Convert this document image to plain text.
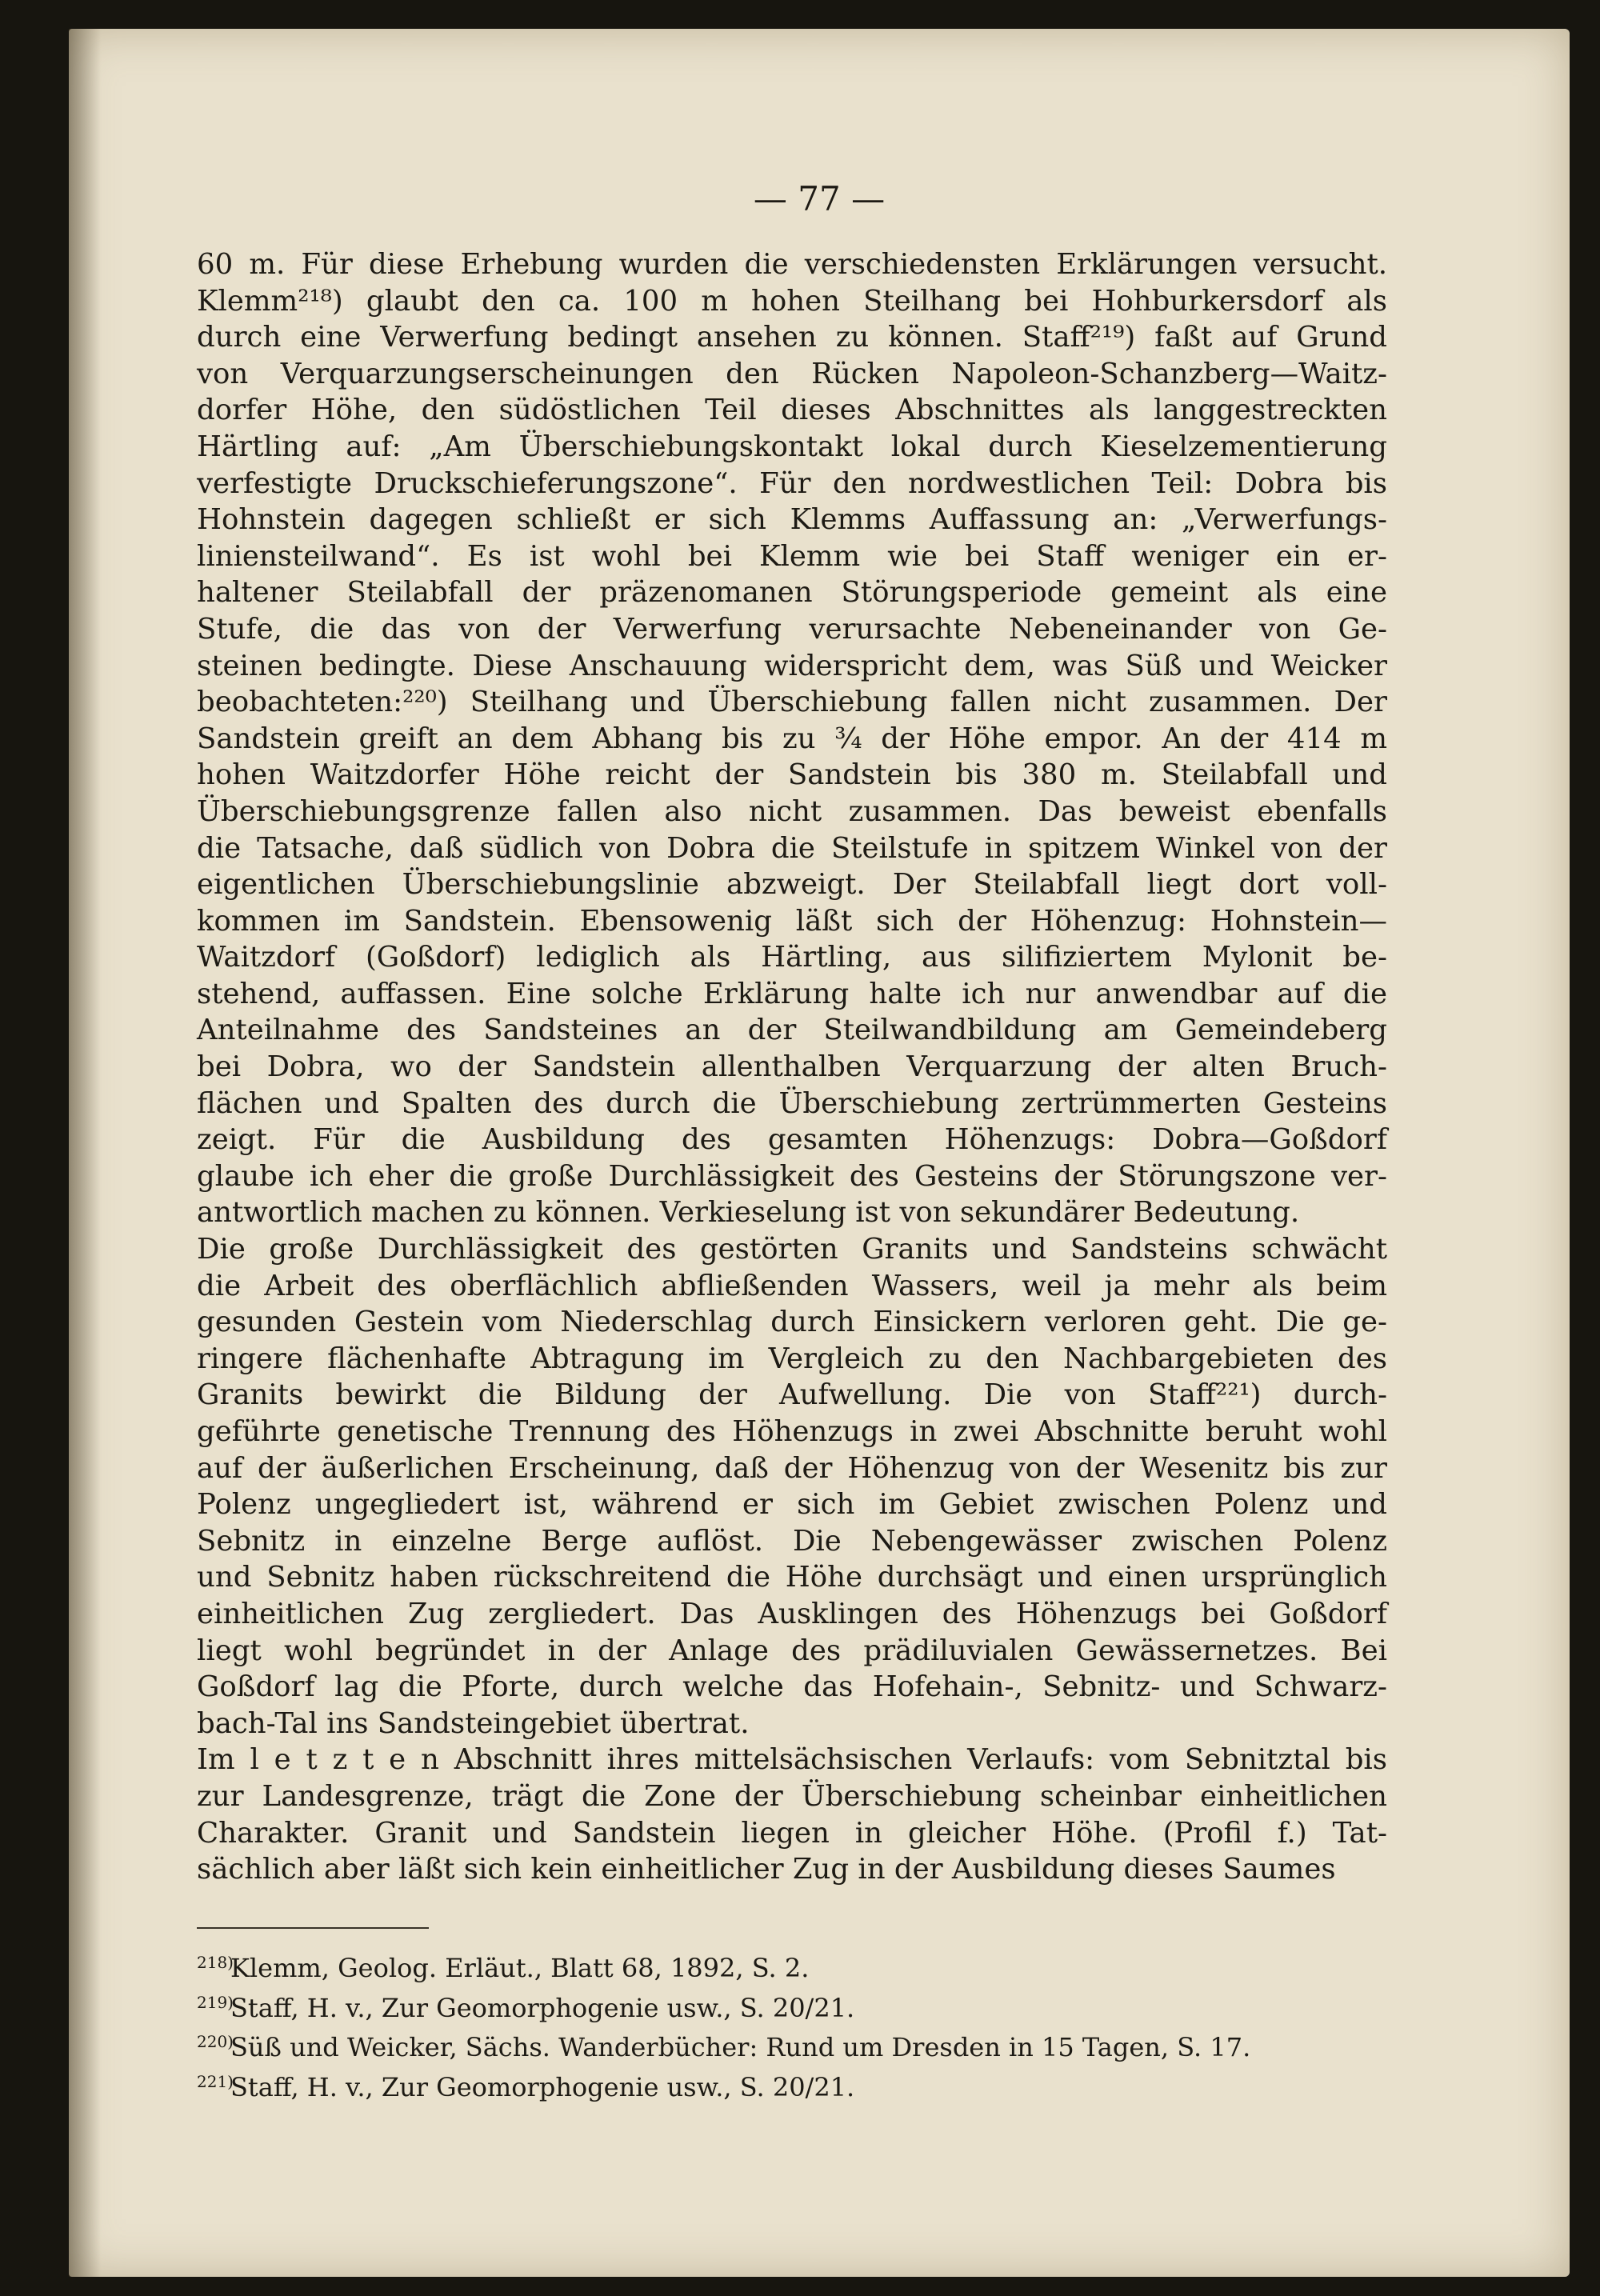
— 77 —
60 m. Für diese Erhebung wurden die verschiedensten Erklärungen versucht.
Klemm²¹⁸) glaubt den ca. 100 m hohen Steilhang bei Hohburkersdorf als
durch eine Verwerfung bedingt ansehen zu können. Staff²¹⁹) faßt auf Grund
von Verquarzungserscheinungen den Rücken Napoleon-Schanzberg—Waitz-
dorfer Höhe, den südöstlichen Teil dieses Abschnittes als langgestreckten
Härtling auf: „Am Überschiebungskontakt lokal durch Kieselzementierung
verfestigte Druckschieferungszone“. Für den nordwestlichen Teil: Dobra bis
Hohnstein dagegen schließt er sich Klemms Auffassung an: „Verwerfungs-
liniensteilwand“. Es ist wohl bei Klemm wie bei Staff weniger ein er-
haltener Steilabfall der präzenomanen Störungsperiode gemeint als eine
Stufe, die das von der Verwerfung verursachte Nebeneinander von Ge-
steinen bedingte. Diese Anschauung widerspricht dem, was Süß und Weicker
beobachteten:²²⁰) Steilhang und Überschiebung fallen nicht zusammen. Der
Sandstein greift an dem Abhang bis zu ¾ der Höhe empor. An der 414 m
hohen Waitzdorfer Höhe reicht der Sandstein bis 380 m. Steilabfall und
Überschiebungsgrenze fallen also nicht zusammen. Das beweist ebenfalls
die Tatsache, daß südlich von Dobra die Steilstufe in spitzem Winkel von der
eigentlichen Überschiebungslinie abzweigt. Der Steilabfall liegt dort voll-
kommen im Sandstein. Ebensowenig läßt sich der Höhenzug: Hohnstein—
Waitzdorf (Goßdorf) lediglich als Härtling, aus silifiziertem Mylonit be-
stehend, auffassen. Eine solche Erklärung halte ich nur anwendbar auf die
Anteilnahme des Sandsteines an der Steilwandbildung am Gemeindeberg
bei Dobra, wo der Sandstein allenthalben Verquarzung der alten Bruch-
flächen und Spalten des durch die Überschiebung zertrümmerten Gesteins
zeigt. Für die Ausbildung des gesamten Höhenzugs: Dobra—Goßdorf
glaube ich eher die große Durchlässigkeit des Gesteins der Störungszone ver-
antwortlich machen zu können. Verkieselung ist von sekundärer Bedeutung.
Die große Durchlässigkeit des gestörten Granits und Sandsteins schwächt
die Arbeit des oberflächlich abfließenden Wassers, weil ja mehr als beim
gesunden Gestein vom Niederschlag durch Einsickern verloren geht. Die ge-
ringere flächenhafte Abtragung im Vergleich zu den Nachbargebieten des
Granits bewirkt die Bildung der Aufwellung. Die von Staff²²¹) durch-
geführte genetische Trennung des Höhenzugs in zwei Abschnitte beruht wohl
auf der äußerlichen Erscheinung, daß der Höhenzug von der Wesenitz bis zur
Polenz ungegliedert ist, während er sich im Gebiet zwischen Polenz und
Sebnitz in einzelne Berge auflöst. Die Nebengewässer zwischen Polenz
und Sebnitz haben rückschreitend die Höhe durchsägt und einen ursprünglich
einheitlichen Zug zergliedert. Das Ausklingen des Höhenzugs bei Goßdorf
liegt wohl begründet in der Anlage des prädiluvialen Gewässernetzes. Bei
Goßdorf lag die Pforte, durch welche das Hofehain-, Sebnitz- und Schwarz-
bach-Tal ins Sandsteingebiet übertrat.
Im l e t z t e n Abschnitt ihres mittelsächsischen Verlaufs: vom Sebnitztal bis
zur Landesgrenze, trägt die Zone der Überschiebung scheinbar einheitlichen
Charakter. Granit und Sandstein liegen in gleicher Höhe. (Profil f.) Tat-
sächlich aber läßt sich kein einheitlicher Zug in der Ausbildung dieses Saumes
218)Klemm, Geolog. Erläut., Blatt 68, 1892, S. 2.
219)Staff, H. v., Zur Geomorphogenie usw., S. 20/21.
220)Süß und Weicker, Sächs. Wanderbücher: Rund um Dresden in 15 Tagen, S. 17.
221)Staff, H. v., Zur Geomorphogenie usw., S. 20/21.
